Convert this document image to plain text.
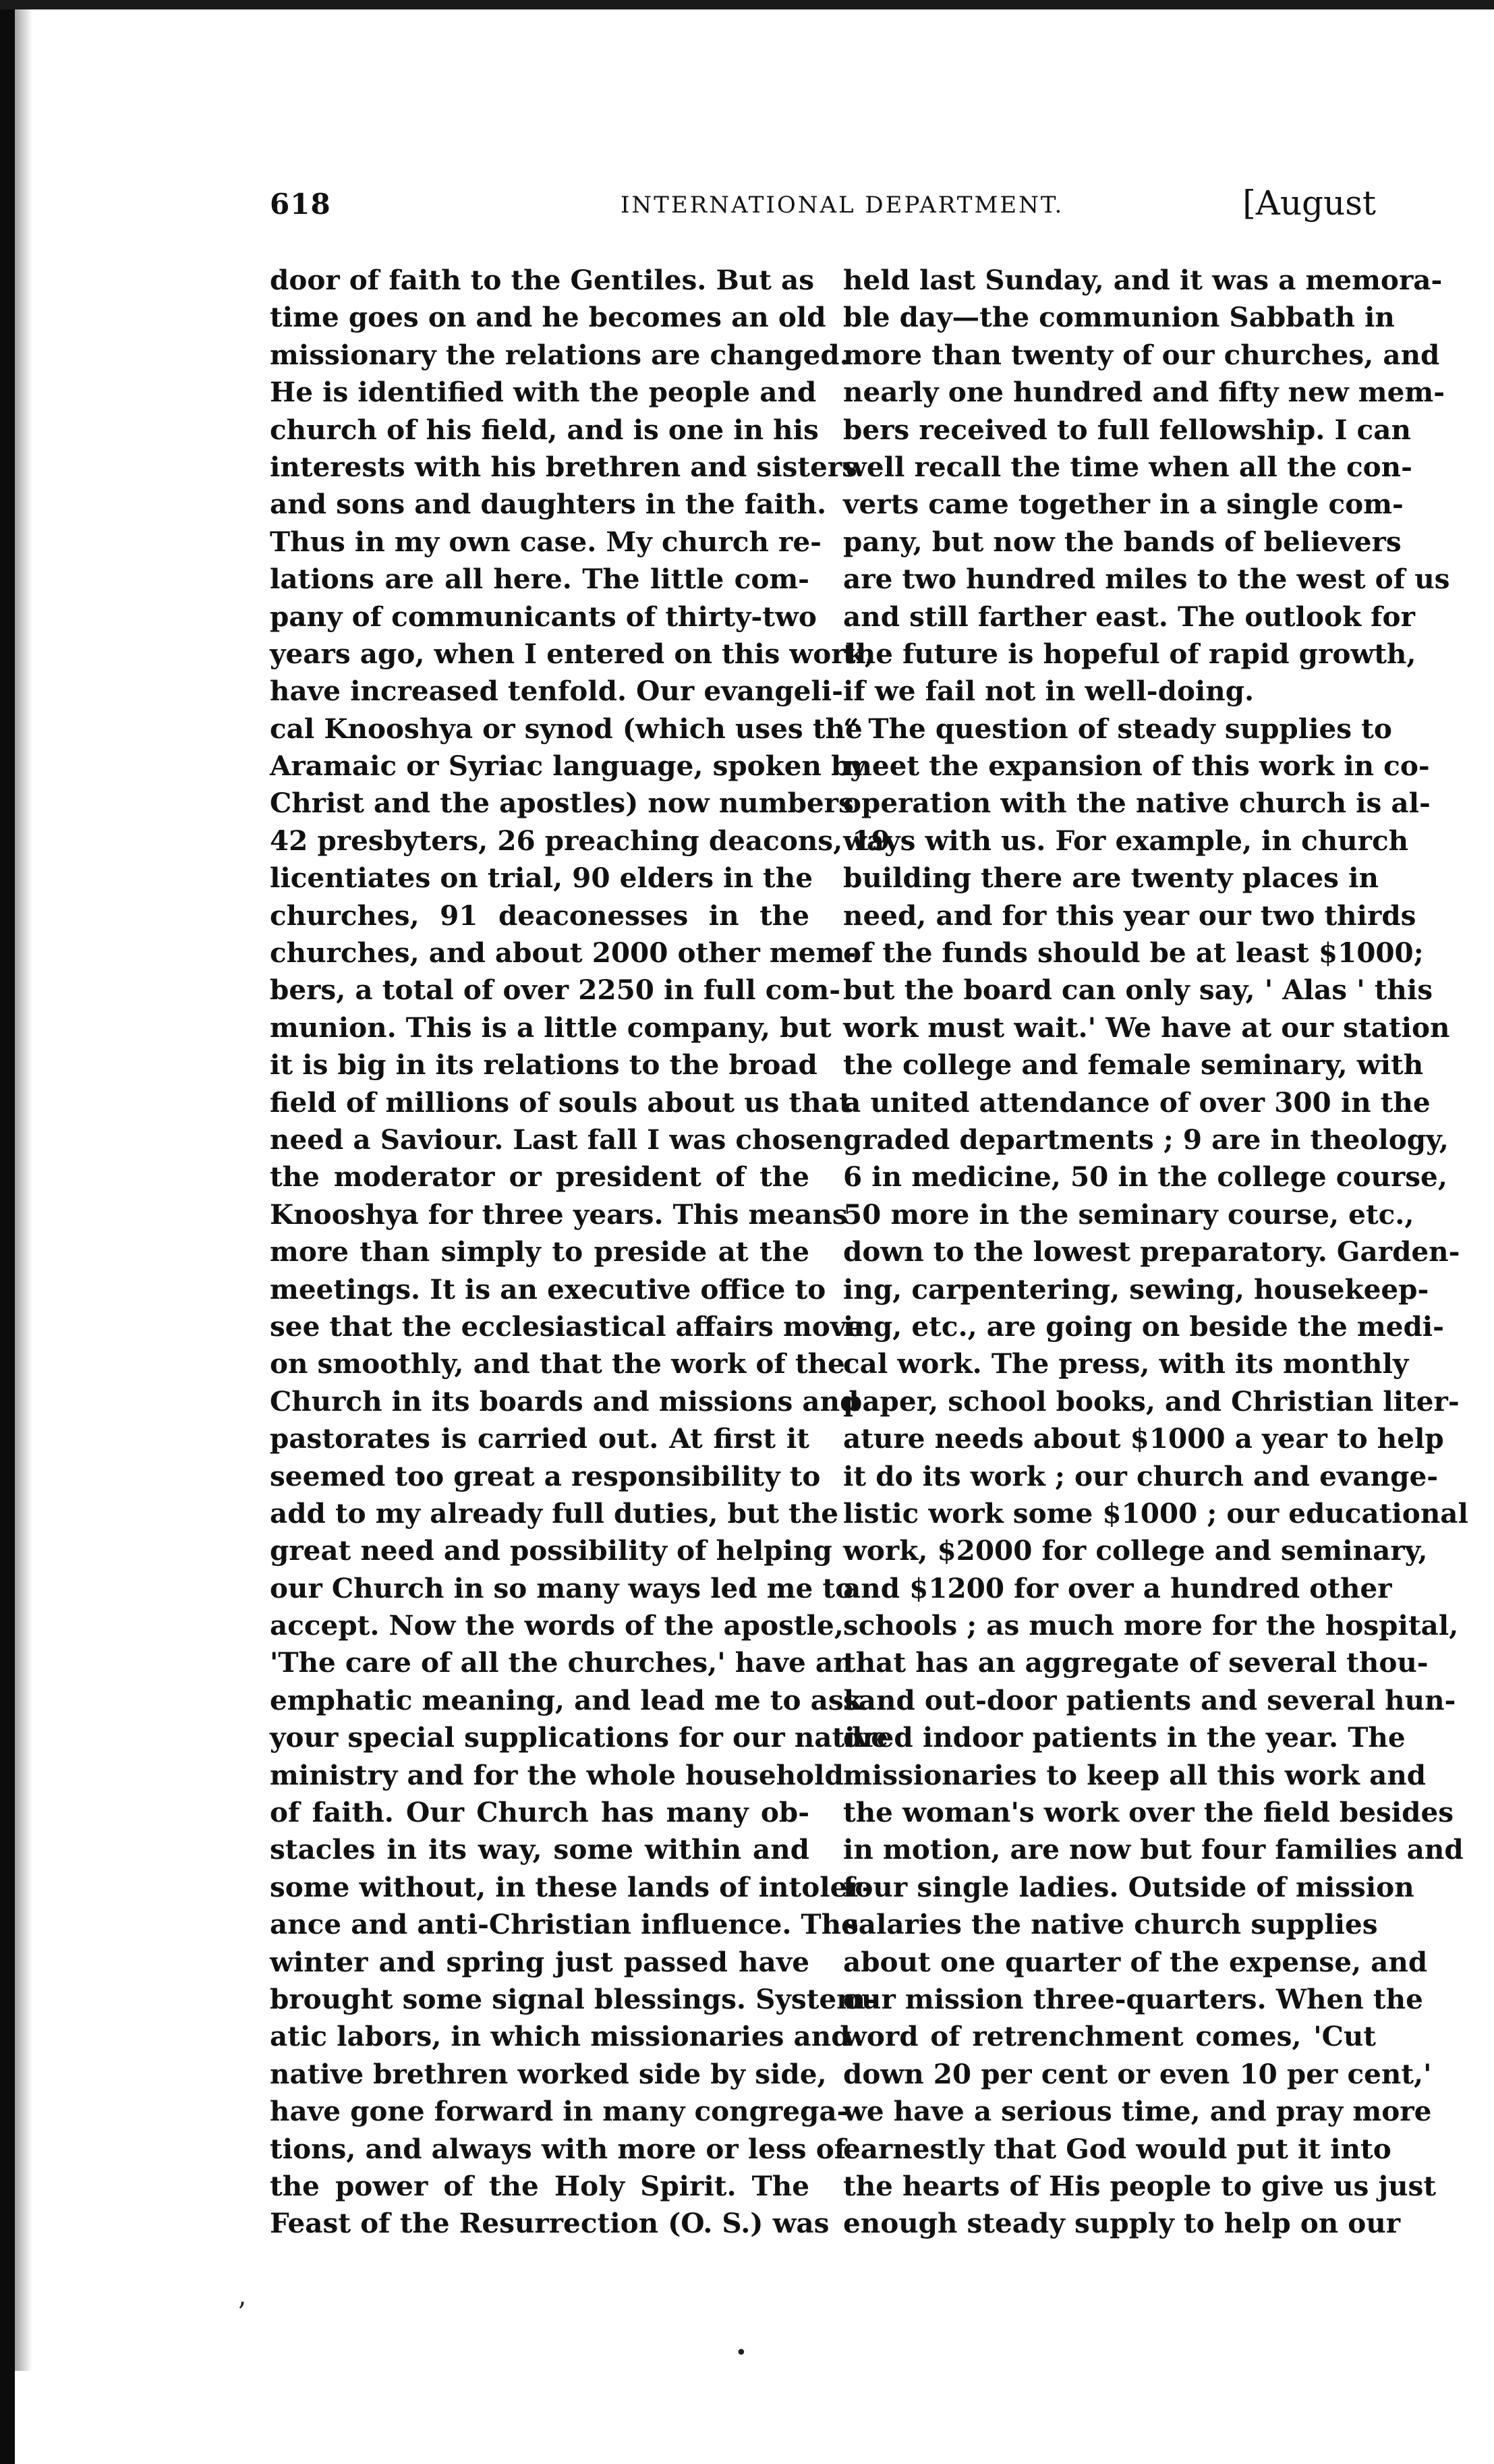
618	INTERNATIONAL DEPARTMENT.	[August
door of faith to the Gentiles. But as
time goes on and he becomes an old
missionary the relations are changed.
He is identified with the people and
church of his field, and is one in his
interests with his brethren and sisters
and sons and daughters in the faith.
Thus in my own case. My church re-
lations are all here. The little com-
pany of communicants of thirty-two
years ago, when I entered on this work,
have increased tenfold. Our evangeli-
cal Knooshya or synod (which uses the
Aramaic or Syriac language, spoken by
Christ and the apostles) now numbers
42 presbyters, 26 preaching deacons, 19
licentiates on trial, 90 elders in the
churches, 91 deaconesses in the
churches, and about 2000 other mem-
bers, a total of over 2250 in full com-
munion. This is a little company, but
it is big in its relations to the broad
field of millions of souls about us that
need a Saviour. Last fall I was chosen
the moderator or president of the
Knooshya for three years. This means
more than simply to preside at the
meetings. It is an executive office to
see that the ecclesiastical affairs move
on smoothly, and that the work of the
Church in its boards and missions and
pastorates is carried out. At first it
seemed too great a responsibility to
add to my already full duties, but the
great need and possibility of helping
our Church in so many ways led me to
accept. Now the words of the apostle,
'The care of all the churches,' have an
emphatic meaning, and lead me to ask
your special supplications for our native
ministry and for the whole household
of faith. Our Church has many ob-
stacles in its way, some within and
some without, in these lands of intoler-
ance and anti-Christian influence. The
winter and spring just passed have
brought some signal blessings. System-
atic labors, in which missionaries and
native brethren worked side by side,
have gone forward in many congrega-
tions, and always with more or less of
the power of the Holy Spirit. The
Feast of the Resurrection (O. S.) was
held last Sunday, and it was a memora-
ble day—the communion Sabbath in
more than twenty of our churches, and
nearly one hundred and fifty new mem-
bers received to full fellowship. I can
well recall the time when all the con-
verts came together in a single com-
pany, but now the bands of believers
are two hundred miles to the west of us
and still farther east. The outlook for
the future is hopeful of rapid growth,
if we fail not in well-doing.
“ The question of steady supplies to
meet the expansion of this work in co-
operation with the native church is al-
ways with us. For example, in church
building there are twenty places in
need, and for this year our two thirds
of the funds should be at least $1000;
but the board can only say, ' Alas ' this
work must wait.' We have at our station
the college and female seminary, with
a united attendance of over 300 in the
graded departments ; 9 are in theology,
6 in medicine, 50 in the college course,
50 more in the seminary course, etc.,
down to the lowest preparatory. Garden-
ing, carpentering, sewing, housekeep-
ing, etc., are going on beside the medi-
cal work. The press, with its monthly
paper, school books, and Christian liter-
ature needs about $1000 a year to help
it do its work ; our church and evange-
listic work some $1000 ; our educational
work, $2000 for college and seminary,
and $1200 for over a hundred other
schools ; as much more for the hospital,
that has an aggregate of several thou-
sand out-door patients and several hun-
dred indoor patients in the year. The
missionaries to keep all this work and
the woman's work over the field besides
in motion, are now but four families and
four single ladies. Outside of mission
salaries the native church supplies
about one quarter of the expense, and
our mission three-quarters. When the
word of retrenchment comes, 'Cut
down 20 per cent or even 10 per cent,'
we have a serious time, and pray more
earnestly that God would put it into
the hearts of His people to give us just
enough steady supply to help on our
’
•
